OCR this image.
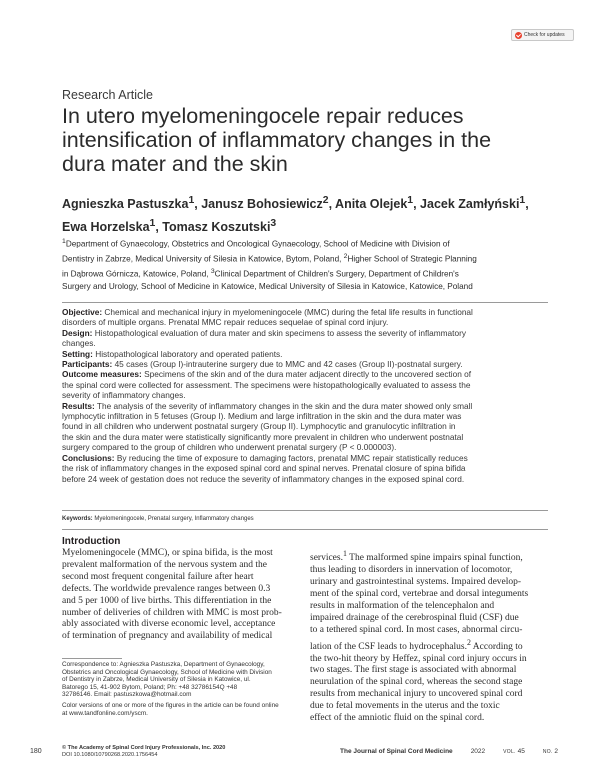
Check for updates
Research Article
In utero myelomeningocele repair reduces
intensification of inflammatory changes in the
dura mater and the skin
Agnieszka Pastuszka$^1$, Janusz Bohosiewicz$^2$, Anita Olejek$^1$, Jacek Zamłyński$^1$,
Ewa Horzelska$^1$, Tomasz Koszutski$^3$
$^1$Department of Gynaecology, Obstetrics and Oncological Gynaecology, School of Medicine with Division of
Dentistry in Zabrze, Medical University of Silesia in Katowice, Bytom, Poland, $^2$Higher School of Strategic Planning
in Dąbrowa Górnicza, Katowice, Poland, $^3$Clinical Department of Children's Surgery, Department of Children's
Surgery and Urology, School of Medicine in Katowice, Medical University of Silesia in Katowice, Katowice, Poland
Objective: Chemical and mechanical injury in myelomeningocele (MMC) during the fetal life results in functional
disorders of multiple organs. Prenatal MMC repair reduces sequelae of spinal cord injury.
Design: Histopathological evaluation of dura mater and skin specimens to assess the severity of inflammatory
changes.
Setting: Histopathological laboratory and operated patients.
Participants: 45 cases (Group I)-intrauterine surgery due to MMC and 42 cases (Group II)-postnatal surgery.
Outcome measures: Specimens of the skin and of the dura mater adjacent directly to the uncovered section of
the spinal cord were collected for assessment. The specimens were histopathologically evaluated to assess the
severity of inflammatory changes.
Results: The analysis of the severity of inflammatory changes in the skin and the dura mater showed only small
lymphocytic infiltration in 5 fetuses (Group I). Medium and large infiltration in the skin and the dura mater was
found in all children who underwent postnatal surgery (Group II). Lymphocytic and granulocytic infiltration in
the skin and the dura mater were statistically significantly more prevalent in children who underwent postnatal
surgery compared to the group of children who underwent prenatal surgery (P < 0.000003).
Conclusions: By reducing the time of exposure to damaging factors, prenatal MMC repair statistically reduces
the risk of inflammatory changes in the exposed spinal cord and spinal nerves. Prenatal closure of spina bifida
before 24 week of gestation does not reduce the severity of inflammatory changes in the exposed spinal cord.
Keywords: Myelomeningocele, Prenatal surgery, Inflammatory changes
Introduction
Myelomeningocele (MMC), or spina bifida, is the most
prevalent malformation of the nervous system and the
second most frequent congenital failure after heart
defects. The worldwide prevalence ranges between 0.3
and 5 per 1000 of live births. This differentiation in the
number of deliveries of children with MMC is most prob-
ably associated with diverse economic level, acceptance
of termination of pregnancy and availability of medical
services.$^1$ The malformed spine impairs spinal function,
thus leading to disorders in innervation of locomotor,
urinary and gastrointestinal systems. Impaired develop-
ment of the spinal cord, vertebrae and dorsal integuments
results in malformation of the telencephalon and
impaired drainage of the cerebrospinal fluid (CSF) due
to a tethered spinal cord. In most cases, abnormal circu-
lation of the CSF leads to hydrocephalus.$^2$ According to
the two-hit theory by Heffez, spinal cord injury occurs in
two stages. The first stage is associated with abnormal
neurulation of the spinal cord, whereas the second stage
results from mechanical injury to uncovered spinal cord
due to fetal movements in the uterus and the toxic
effect of the amniotic fluid on the spinal cord.
Correspondence to: Agnieszka Pastuszka, Department of Gynaecology,
Obstetrics and Oncological Gynaecology, School of Medicine with Division
of Dentistry in Zabrze, Medical University of Silesia in Katowice, ul.
Batorego 15, 41-902 Bytom, Poland; Ph: +48 32786154Q +48
32786146. Email: pastuszkowa@hotmail.com
Color versions of one or more of the figures in the article can be found online
at www.tandfonline.com/yscm.
180	© The Academy of Spinal Cord Injury Professionals, Inc. 2020
DOI 10.1080/10790268.2020.1756454	The Journal of Spinal Cord Medicine	2022	VOL. 45	NO. 2
